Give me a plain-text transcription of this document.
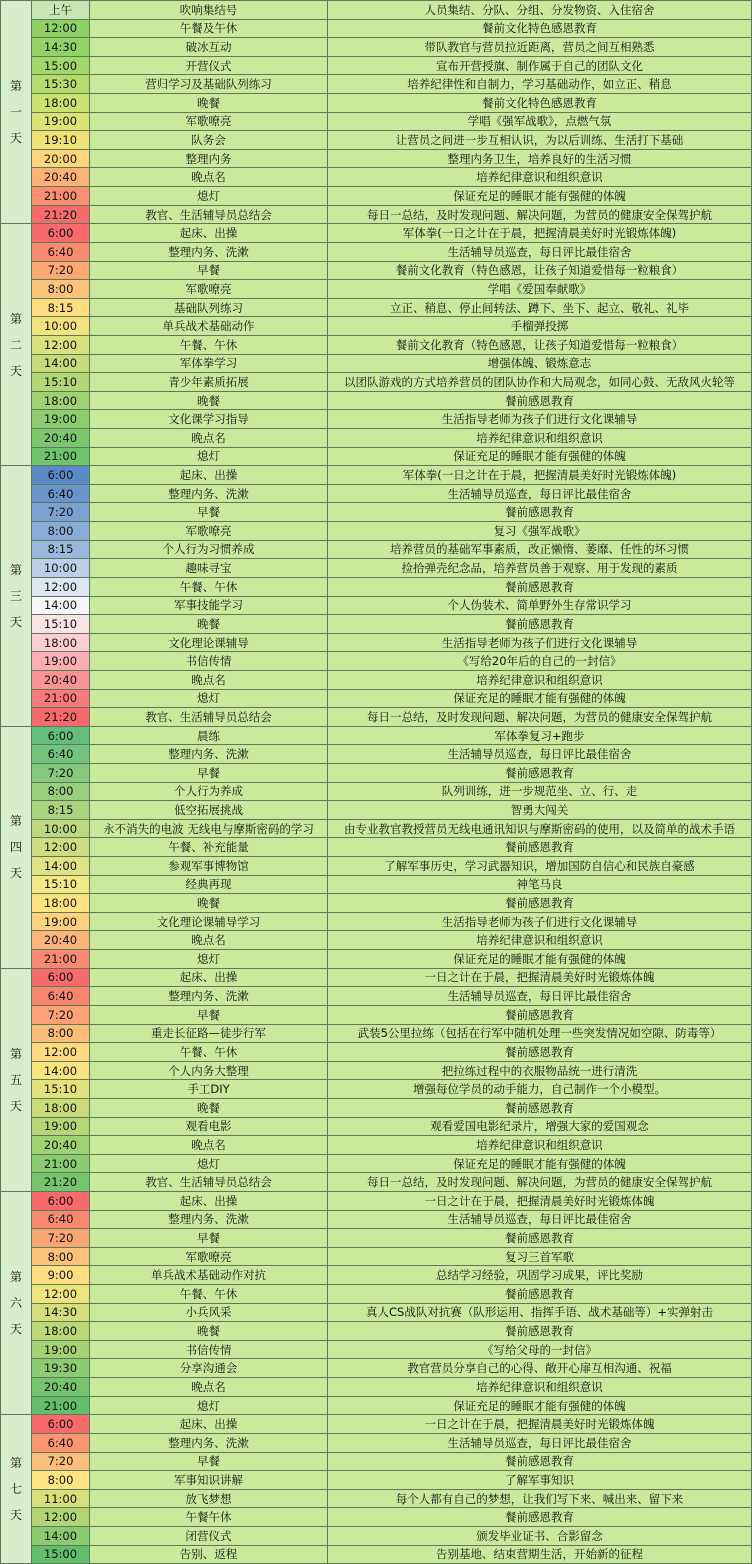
第
一
天	上午	吹响集结号	人员集结、分队、分组、分发物资、入住宿舍
	12:00	午餐及午休	餐前文化特色感恩教育
	14:30	破冰互动	带队教官与营员拉近距离，营员之间互相熟悉
	15:00	开营仪式	宣布开营授旗、制作属于自己的团队文化
	15:30	营归学习及基础队列练习	培养纪律性和自制力，学习基础动作，如立正、稍息
	18:00	晚餐	餐前文化特色感恩教育
	19:00	军歌嘹亮	学唱《强军战歌》，点燃气氛
	19:10	队务会	让营员之间进一步互相认识，为以后训练、生活打下基础
	20:00	整理内务	整理内务卫生，培养良好的生活习惯
	20:40	晚点名	培养纪律意识和组织意识
	21:00	熄灯	保证充足的睡眠才能有强健的体魄
	21:20	教官、生活辅导员总结会	每日一总结，及时发现问题、解决问题，为营员的健康安全保驾护航

第
二
天	6:00	起床、出操	军体拳(一日之计在于晨，把握清晨美好时光锻炼体魄)
	6:40	整理内务、洗漱	生活辅导员巡查，每日评比最佳宿舍
	7:20	早餐	餐前文化教育（特色感恩，让孩子知道爱惜每一粒粮食）
	8:00	军歌嘹亮	学唱《爱国奉献歌》
	8:15	基础队列练习	立正、稍息、停止间转法、蹲下、坐下、起立、敬礼、礼毕
	10:00	单兵战术基础动作	手榴弹投掷
	12:00	午餐、午休	餐前文化教育（特色感恩，让孩子知道爱惜每一粒粮食）
	14:00	军体拳学习	增强体魄、锻炼意志
	15:10	青少年素质拓展	以团队游戏的方式培养营员的团队协作和大局观念，如同心鼓、无敌风火轮等
	18:00	晚餐	餐前感恩教育
	19:00	文化课学习指导	生活指导老师为孩子们进行文化课辅导
	20:40	晚点名	培养纪律意识和组织意识
	21:00	熄灯	保证充足的睡眠才能有强健的体魄

第
三
天	6:00	起床、出操	军体拳(一日之计在于晨，把握清晨美好时光锻炼体魄)
	6:40	整理内务、洗漱	生活辅导员巡查，每日评比最佳宿舍
	7:20	早餐	餐前感恩教育
	8:00	军歌嘹亮	复习《强军战歌》
	8:15	个人行为习惯养成	培养营员的基础军事素质，改正懒惰、萎靡、任性的坏习惯
	10:00	趣味寻宝	捡拾弹壳纪念品，培养营员善于观察、用于发现的素质
	12:00	午餐、午休	餐前感恩教育
	14:00	军事技能学习	个人伪装术、简单野外生存常识学习
	15:10	晚餐	餐前感恩教育
	18:00	文化理论课辅导	生活指导老师为孩子们进行文化课辅导
	19:00	书信传情	《写给20年后的自己的一封信》
	20:40	晚点名	培养纪律意识和组织意识
	21:00	熄灯	保证充足的睡眠才能有强健的体魄
	21:20	教官、生活辅导员总结会	每日一总结，及时发现问题、解决问题，为营员的健康安全保驾护航

第
四
天	6:00	晨练	军体拳复习+跑步
	6:40	整理内务、洗漱	生活辅导员巡查，每日评比最佳宿舍
	7:20	早餐	餐前感恩教育
	8:00	个人行为养成	队列训练，进一步规范坐、立、行、走
	8:15	低空拓展挑战	智勇大闯关
	10:00	永不消失的电波 无线电与摩斯密码的学习	由专业教官教授营员无线电通讯知识与摩斯密码的使用，以及简单的战术手语
	12:00	午餐、补充能量	餐前感恩教育
	14:00	参观军事博物馆	了解军事历史，学习武器知识，增加国防自信心和民族自豪感
	15:10	经典再现	神笔马良
	18:00	晚餐	餐前感恩教育
	19:00	文化理论课辅导学习	生活指导老师为孩子们进行文化课辅导
	20:40	晚点名	培养纪律意识和组织意识
	21:00	熄灯	保证充足的睡眠才能有强健的体魄

第
五
天	6:00	起床、出操	一日之计在于晨，把握清晨美好时光锻炼体魄
	6:40	整理内务、洗漱	生活辅导员巡查，每日评比最佳宿舍
	7:20	早餐	餐前感恩教育
	8:00	重走长征路—徒步行军	武装5公里拉练（包括在行军中随机处理一些突发情况如空隙、防毒等）
	12:00	午餐、午休	餐前感恩教育
	14:00	个人内务大整理	把拉练过程中的衣服物品统一进行清洗
	15:10	手工DIY	增强每位学员的动手能力，自己制作一个小模型。
	18:00	晚餐	餐前感恩教育
	19:00	观看电影	观看爱国电影纪录片，增强大家的爱国观念
	20:40	晚点名	培养纪律意识和组织意识
	21:00	熄灯	保证充足的睡眠才能有强健的体魄
	21:20	教官、生活辅导员总结会	每日一总结，及时发现问题、解决问题，为营员的健康安全保驾护航

第
六
天	6:00	起床、出操	一日之计在于晨，把握清晨美好时光锻炼体魄
	6:40	整理内务、洗漱	生活辅导员巡查，每日评比最佳宿舍
	7:20	早餐	餐前感恩教育
	8:00	军歌嘹亮	复习三首军歌
	9:00	单兵战术基础动作对抗	总结学习经验，巩固学习成果，评比奖励
	12:00	午餐、午休	餐前感恩教育
	14:30	小兵风采	真人CS战队对抗赛（队形运用、指挥手语、战术基础等）+实弹射击
	18:00	晚餐	餐前感恩教育
	19:00	书信传情	《写给父母的一封信》
	19:30	分享沟通会	教官营员分享自己的心得、敞开心扉互相沟通、祝福
	20:40	晚点名	培养纪律意识和组织意识
	21:00	熄灯	保证充足的睡眠才能有强健的体魄

第
七
天	6:00	起床、出操	一日之计在于晨，把握清晨美好时光锻炼体魄
	6:40	整理内务、洗漱	生活辅导员巡查，每日评比最佳宿舍
	7:20	早餐	餐前感恩教育
	8:00	军事知识讲解	了解军事知识
	11:00	放飞梦想	每个人都有自己的梦想，让我们写下来、喊出来、留下来
	12:00	午餐午休	餐前感恩教育
	14:00	闭营仪式	颁发毕业证书、合影留念
	15:00	告别、返程	告别基地、结束营期生活，开始新的征程
